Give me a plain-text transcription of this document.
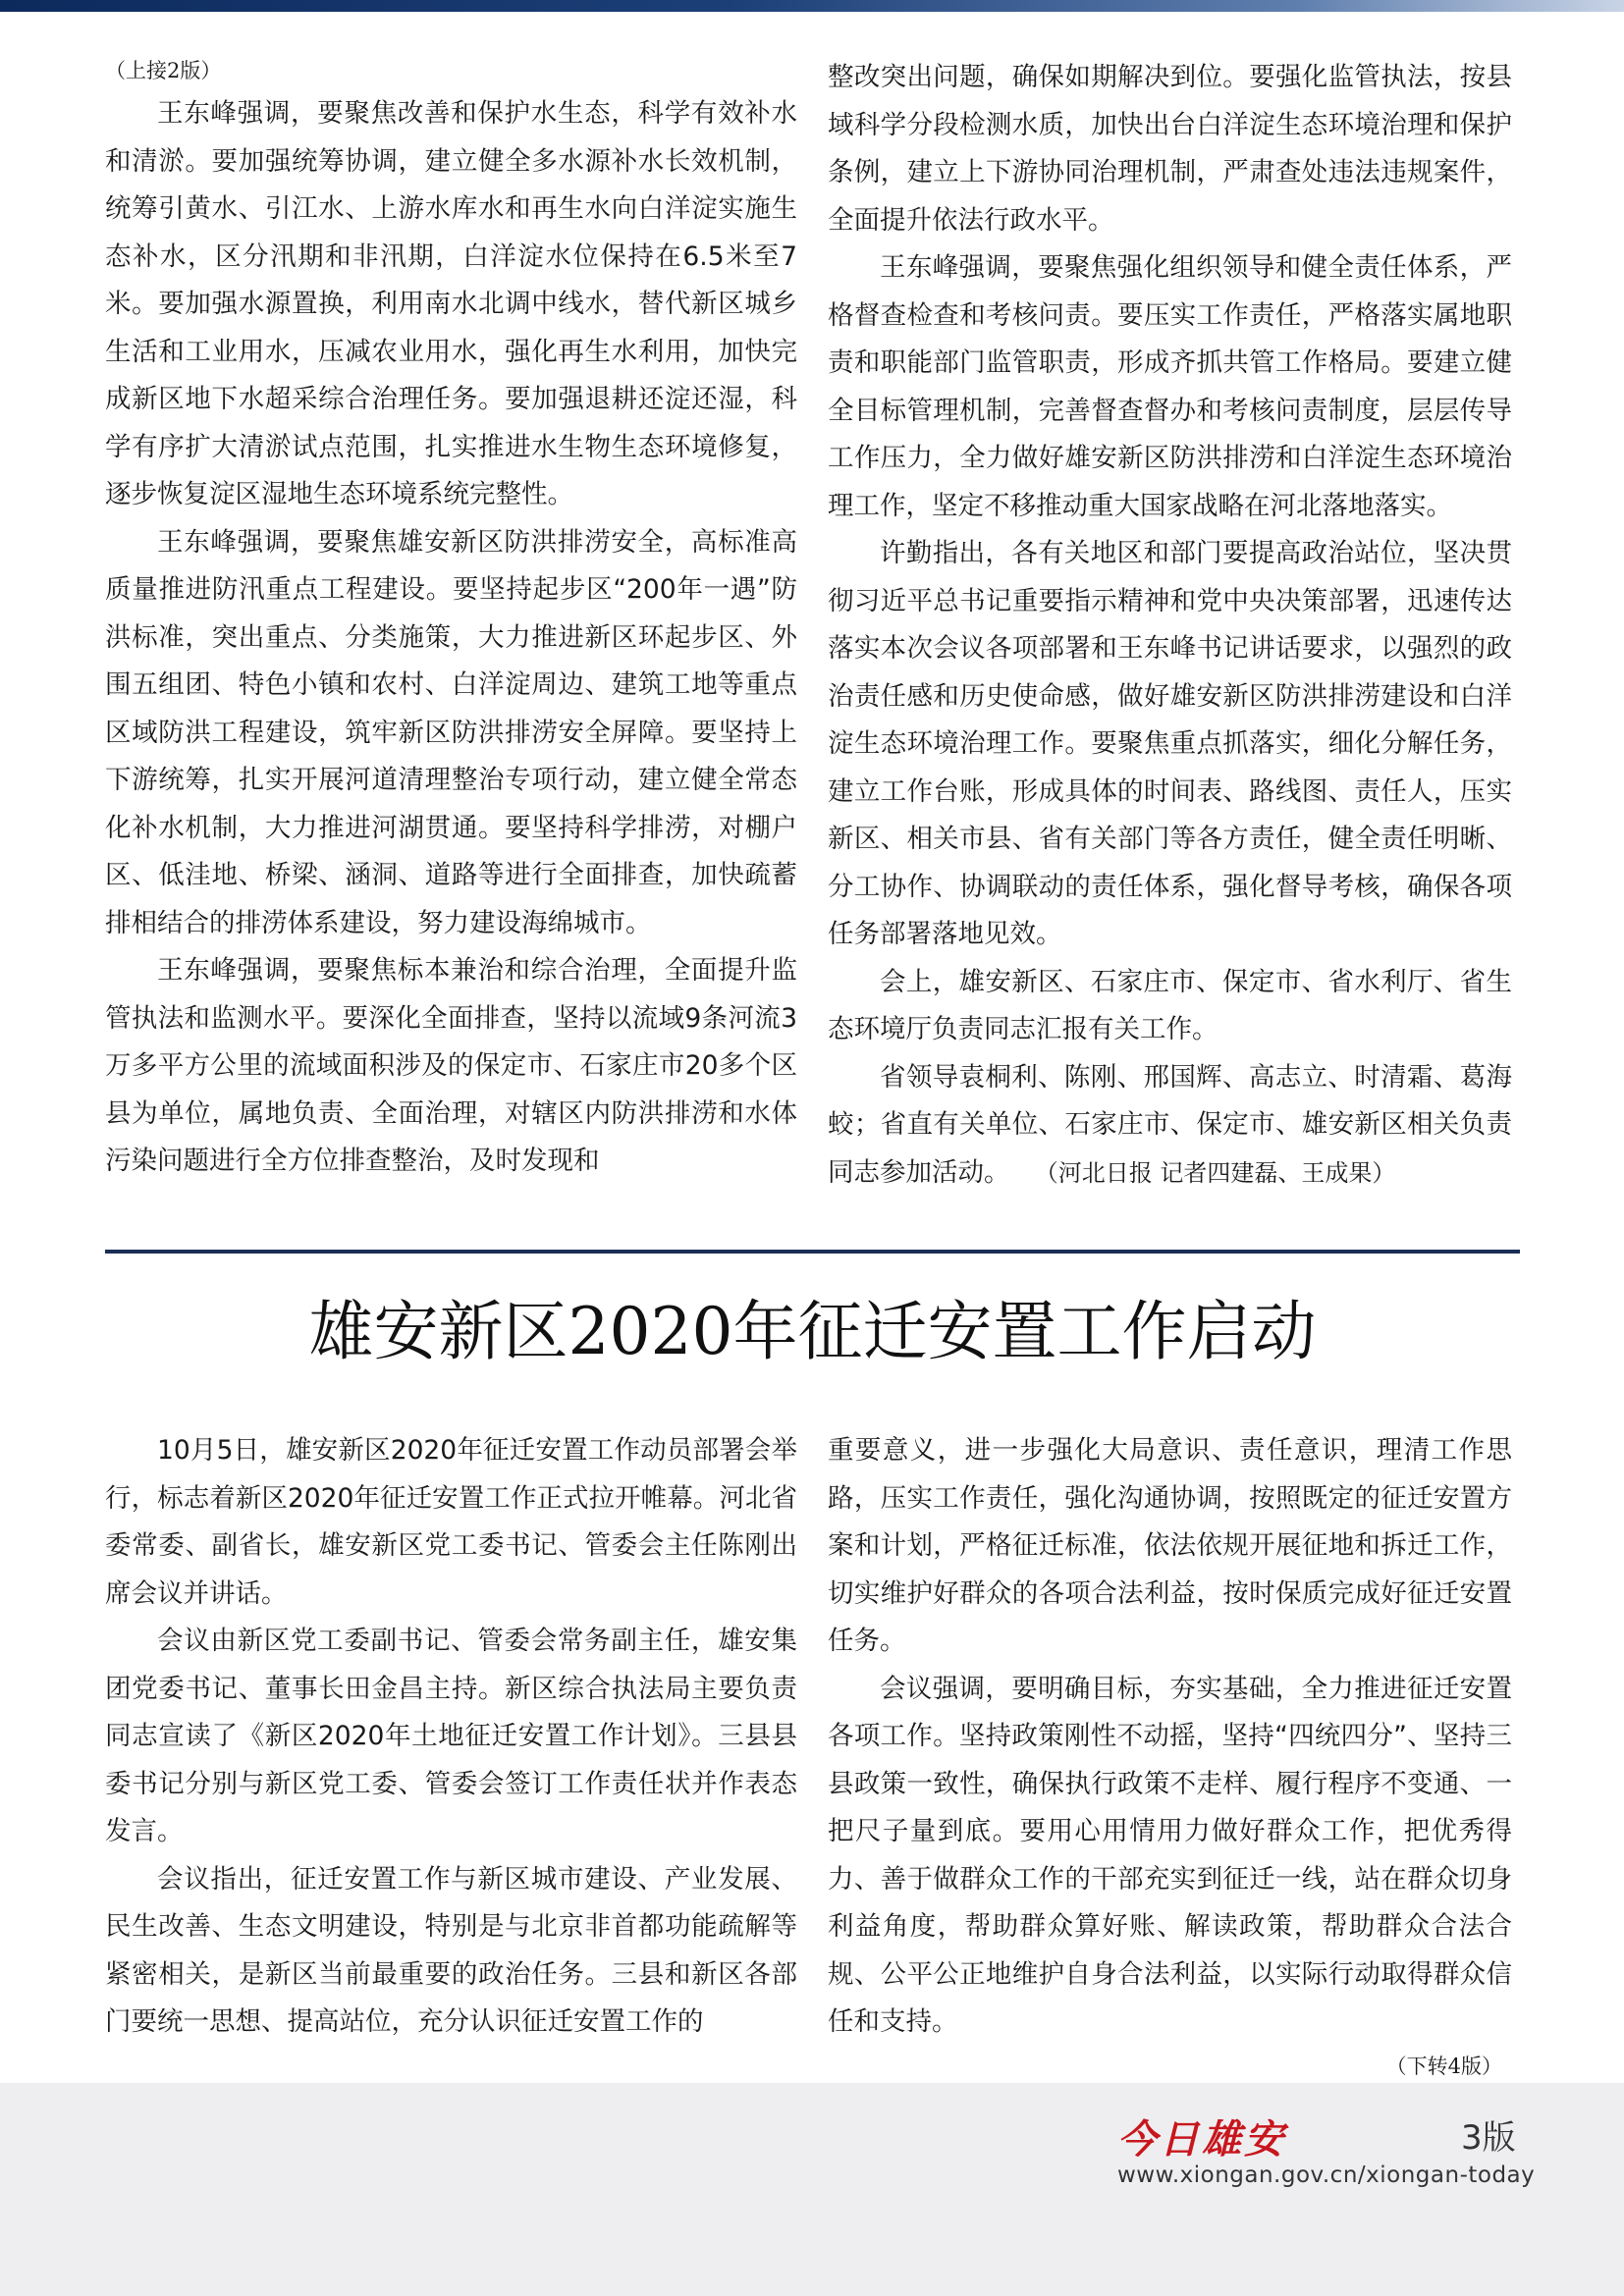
（上接2版）

王东峰强调，要聚焦改善和保护水生态，科学有效补水和清淤。要加强统筹协调，建立健全多水源补水长效机制，统筹引黄水、引江水、上游水库水和再生水向白洋淀实施生态补水，区分汛期和非汛期，白洋淀水位保持在6.5米至7米。要加强水源置换，利用南水北调中线水，替代新区城乡生活和工业用水，压减农业用水，强化再生水利用，加快完成新区地下水超采综合治理任务。要加强退耕还淀还湿，科学有序扩大清淤试点范围，扎实推进水生物生态环境修复，逐步恢复淀区湿地生态环境系统完整性。

王东峰强调，要聚焦雄安新区防洪排涝安全，高标准高质量推进防汛重点工程建设。要坚持起步区“200年一遇”防洪标准，突出重点、分类施策，大力推进新区环起步区、外围五组团、特色小镇和农村、白洋淀周边、建筑工地等重点区域防洪工程建设，筑牢新区防洪排涝安全屏障。要坚持上下游统筹，扎实开展河道清理整治专项行动，建立健全常态化补水机制，大力推进河湖贯通。要坚持科学排涝，对棚户区、低洼地、桥梁、涵洞、道路等进行全面排查，加快疏蓄排相结合的排涝体系建设，努力建设海绵城市。

王东峰强调，要聚焦标本兼治和综合治理，全面提升监管执法和监测水平。要深化全面排查，坚持以流域9条河流3万多平方公里的流域面积涉及的保定市、石家庄市20多个区县为单位，属地负责、全面治理，对辖区内防洪排涝和水体污染问题进行全方位排查整治，及时发现和

整改突出问题，确保如期解决到位。要强化监管执法，按县域科学分段检测水质，加快出台白洋淀生态环境治理和保护条例，建立上下游协同治理机制，严肃查处违法违规案件，全面提升依法行政水平。

王东峰强调，要聚焦强化组织领导和健全责任体系，严格督查检查和考核问责。要压实工作责任，严格落实属地职责和职能部门监管职责，形成齐抓共管工作格局。要建立健全目标管理机制，完善督查督办和考核问责制度，层层传导工作压力，全力做好雄安新区防洪排涝和白洋淀生态环境治理工作，坚定不移推动重大国家战略在河北落地落实。

许勤指出，各有关地区和部门要提高政治站位，坚决贯彻习近平总书记重要指示精神和党中央决策部署，迅速传达落实本次会议各项部署和王东峰书记讲话要求，以强烈的政治责任感和历史使命感，做好雄安新区防洪排涝建设和白洋淀生态环境治理工作。要聚焦重点抓落实，细化分解任务，建立工作台账，形成具体的时间表、路线图、责任人，压实新区、相关市县、省有关部门等各方责任，健全责任明晰、分工协作、协调联动的责任体系，强化督导考核，确保各项任务部署落地见效。

会上，雄安新区、石家庄市、保定市、省水利厅、省生态环境厅负责同志汇报有关工作。

省领导袁桐利、陈刚、邢国辉、高志立、时清霜、葛海蛟；省直有关单位、石家庄市、保定市、雄安新区相关负责同志参加活动。 （河北日报 记者四建磊、王成果）

雄安新区2020年征迁安置工作启动

10月5日，雄安新区2020年征迁安置工作动员部署会举行，标志着新区2020年征迁安置工作正式拉开帷幕。河北省委常委、副省长，雄安新区党工委书记、管委会主任陈刚出席会议并讲话。

会议由新区党工委副书记、管委会常务副主任，雄安集团党委书记、董事长田金昌主持。新区综合执法局主要负责同志宣读了《新区2020年土地征迁安置工作计划》。三县县委书记分别与新区党工委、管委会签订工作责任状并作表态发言。

会议指出，征迁安置工作与新区城市建设、产业发展、民生改善、生态文明建设，特别是与北京非首都功能疏解等紧密相关，是新区当前最重要的政治任务。三县和新区各部门要统一思想、提高站位，充分认识征迁安置工作的

重要意义，进一步强化大局意识、责任意识，理清工作思路，压实工作责任，强化沟通协调，按照既定的征迁安置方案和计划，严格征迁标准，依法依规开展征地和拆迁工作，切实维护好群众的各项合法利益，按时保质完成好征迁安置任务。

会议强调，要明确目标，夯实基础，全力推进征迁安置各项工作。坚持政策刚性不动摇，坚持“四统四分”、坚持三县政策一致性，确保执行政策不走样、履行程序不变通、一把尺子量到底。要用心用情用力做好群众工作，把优秀得力、善于做群众工作的干部充实到征迁一线，站在群众切身利益角度，帮助群众算好账、解读政策，帮助群众合法合规、公平公正地维护自身合法利益，以实际行动取得群众信任和支持。

（下转4版）

今日雄安	3版
www.xiongan.gov.cn/xiongan-today
